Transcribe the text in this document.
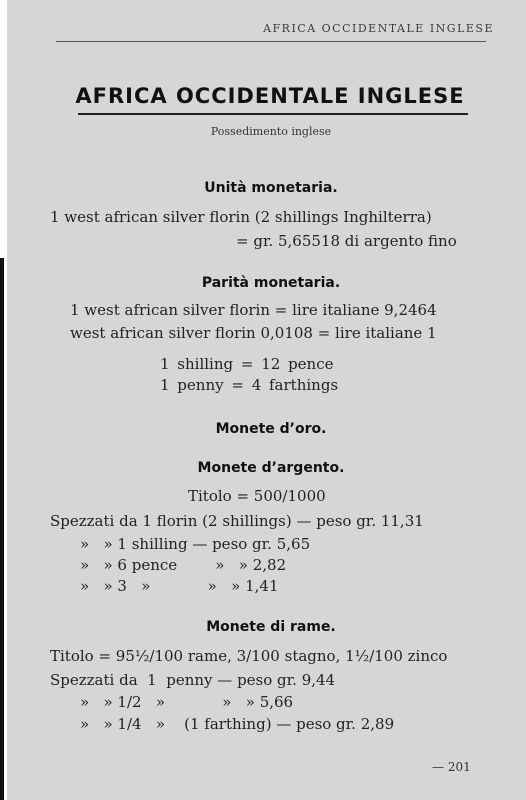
AFRICA OCCIDENTALE INGLESE
AFRICA OCCIDENTALE INGLESE
Possedimento inglese
Unità monetaria.
1 west african silver florin (2 shillings Inghilterra)
= gr. 5,65518 di argento fino
Parità monetaria.
1 west african silver florin = lire italiane 9,2464
west african silver florin 0,0108 = lire italiane 1
1 shilling = 12 pence
1 penny = 4 farthings
Monete d’oro.
Monete d’argento.
Titolo = 500/1000
Spezzati da 1 florin (2 shillings) — peso gr. 11,31
»   » 1 shilling — peso gr. 5,65
»   » 6 pence        »   » 2,82
»   » 3   »            »   » 1,41
Monete di rame.
Titolo = 95½/100 rame, 3/100 stagno, 1½/100 zinco
Spezzati da  1  penny — peso gr. 9,44
»   » 1/2   »            »   » 5,66
»   » 1/4   »    (1 farthing) — peso gr. 2,89
— 201
